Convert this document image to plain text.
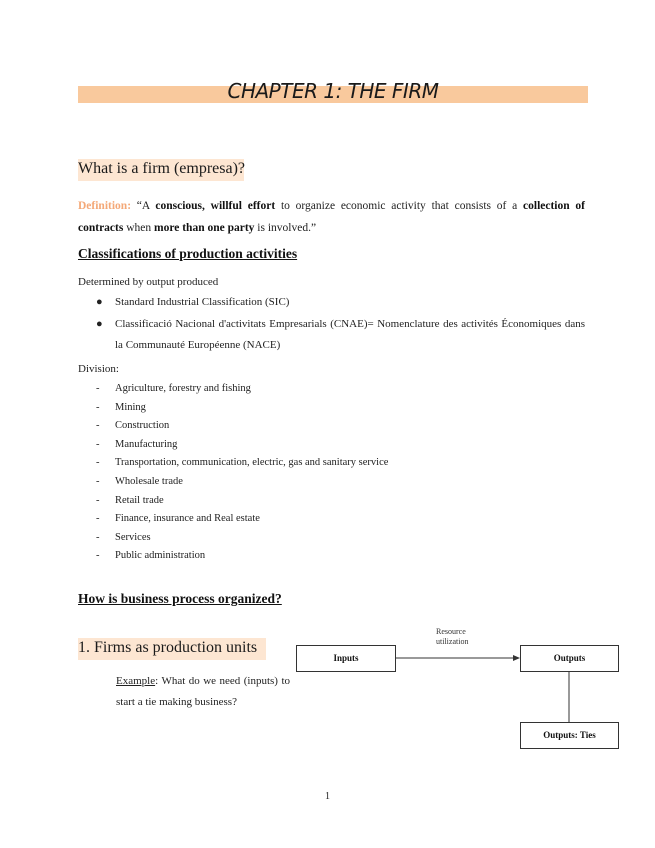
CHAPTER 1: THE FIRM
What is a firm (empresa)?
Definition: “A conscious, willful effort to organize economic activity that consists of a collection of contracts when more than one party is involved.”
Classifications of production activities
Determined by output produced
● Standard Industrial Classification (SIC)
● Classificació Nacional d'activitats Empresarials (CNAE)= Nomenclature des activités Économiques dans la Communauté Européenne (NACE)
Division:
- Agriculture, forestry and fishing
- Mining
- Construction
- Manufacturing
- Transportation, communication, electric, gas and sanitary service
- Wholesale trade
- Retail trade
- Finance, insurance and Real estate
- Services
- Public administration
How is business process organized?
1. Firms as production units
Example: What do we need (inputs) to start a tie making business?
Inputs	Outputs
Outputs: Ties
Resource
utilization
1
